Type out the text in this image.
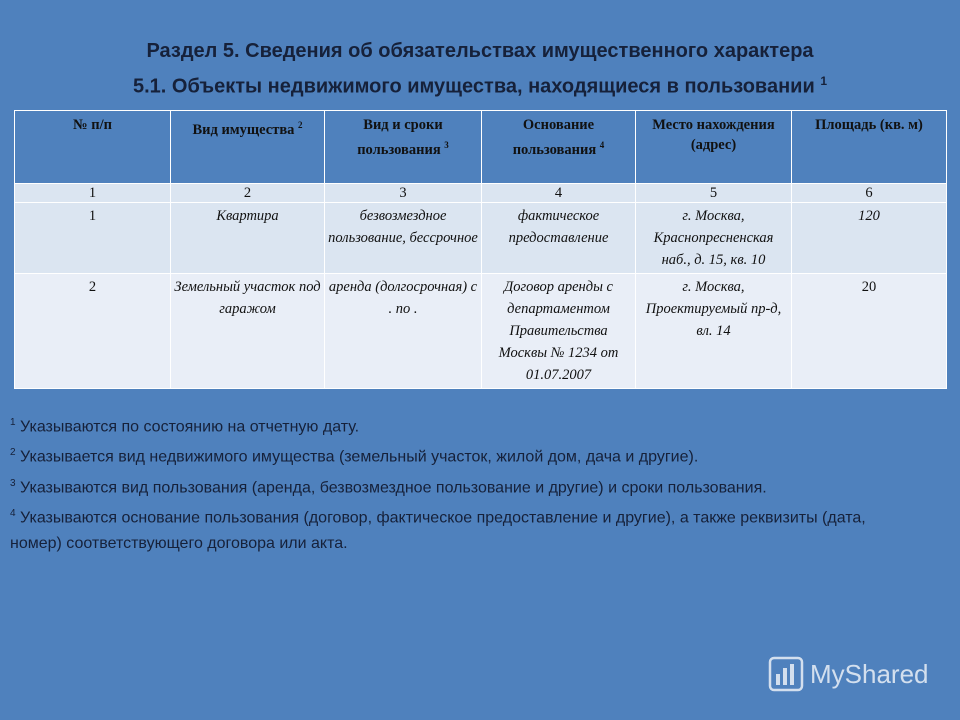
Раздел 5. Сведения об обязательствах имущественного характера
5.1. Объекты недвижимого имущества, находящиеся в пользовании $^1$
№ п/п	Вид имущества $^2$	Вид и сроки пользования $^3$	Основание пользования $^4$	Место нахождения (адрес)	Площадь (кв. м)
1	2	3	4	5	6
1	Квартира	безвозмездное пользование, бессрочное	фактическое предоставление	г. Москва, Краснопресненская наб., д. 15, кв. 10	120
2	Земельный участок под гаражом	аренда (долгосрочная) с . по .	Договор аренды с департаментом Правительства Москвы № 1234 от 01.07.2007	г. Москва, Проектируемый пр-д, вл. 14	20

$^1$ Указываются по состоянию на отчетную дату.

$^2$ Указывается вид недвижимого имущества (земельный участок, жилой дом, дача и другие).

$^3$ Указываются вид пользования (аренда, безвозмездное пользование и другие) и сроки пользования.

$^4$ Указываются основание пользования (договор, фактическое предоставление и другие), а также реквизиты (дата, номер) соответствующего договора или акта.

MyShared
